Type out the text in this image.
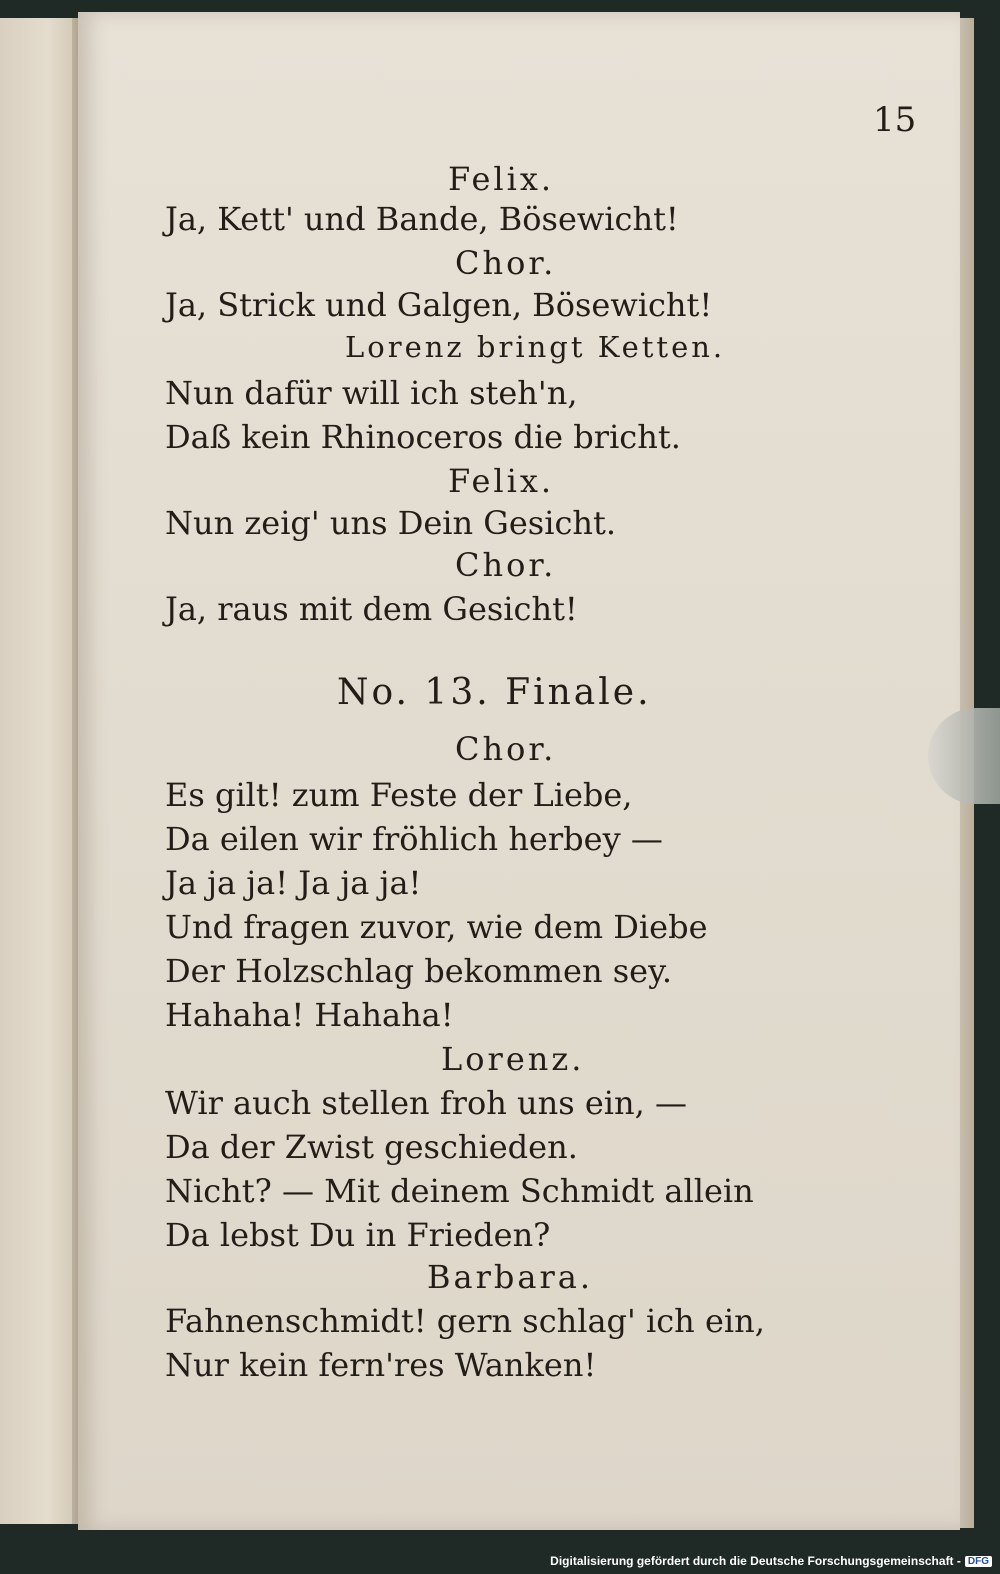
15
Felix.
Ja, Kett' und Bande, Bösewicht!
Chor.
Ja, Strick und Galgen, Bösewicht!
Lorenz bringt Ketten.
Nun dafür will ich steh'n,
Daß kein Rhinoceros die bricht.
Felix.
Nun zeig' uns Dein Gesicht.
Chor.
Ja, raus mit dem Gesicht!
No. 13. Finale.
Chor.
Es gilt! zum Feste der Liebe,
Da eilen wir fröhlich herbey —
Ja ja ja! Ja ja ja!
Und fragen zuvor, wie dem Diebe
Der Holzschlag bekommen sey.
Hahaha! Hahaha!
Lorenz.
Wir auch stellen froh uns ein, —
Da der Zwist geschieden.
Nicht? — Mit deinem Schmidt allein
Da lebst Du in Frieden?
Barbara.
Fahnenschmidt! gern schlag' ich ein,
Nur kein fern'res Wanken!
Digitalisierung gefördert durch die Deutsche Forschungsgemeinschaft - DFG
